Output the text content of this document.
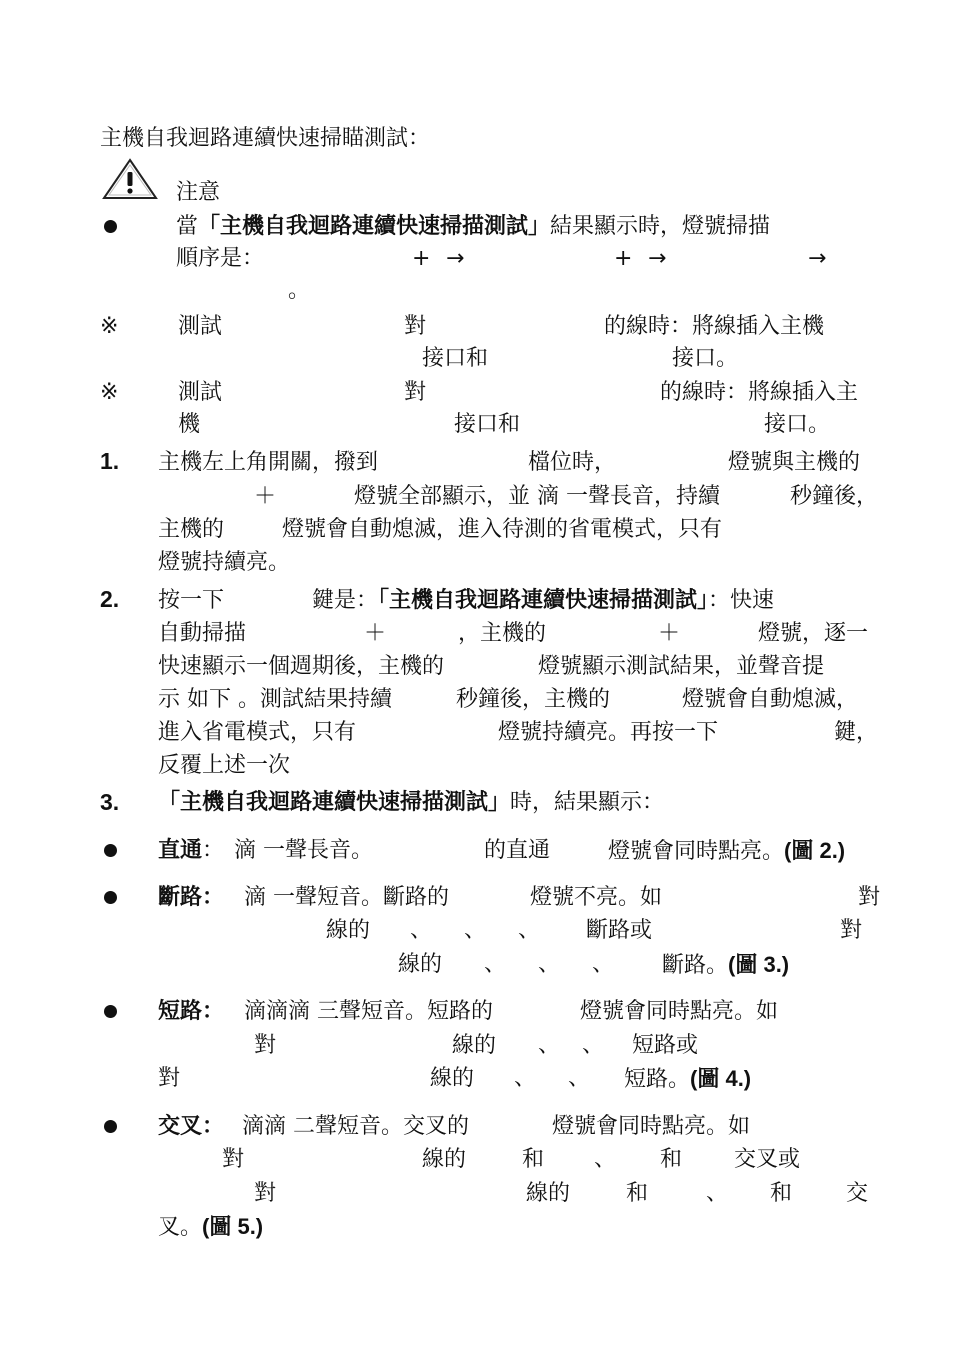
主機自我迴路連續快速掃瞄測試：
注意
當「主機自我迴路連續快速掃描測試」結果顯示時，燈號掃描
順序是：	+ →	+ →	→
。
※	測試	對	的線時：將線插入主機
接口和	接口。
※	測試	對	的線時：將線插入主
機	接口和	接口。
1. 主機左上角開關，撥到	檔位時，	燈號與主機的
＋	燈號全部顯示，並 滴 一聲長音，持續	秒鐘後，
主機的	燈號會自動熄滅，進入待測的省電模式，只有
燈號持續亮。
2. 按一下	鍵是：「主機自我迴路連續快速掃描測試」：快速
自動掃描	＋	，主機的	＋	燈號，逐一
快速顯示一個週期後，主機的	燈號顯示測試結果，並聲音提
示 如下 。測試結果持續	秒鐘後，主機的	燈號會自動熄滅，
進入省電模式，只有	燈號持續亮。再按一下	鍵，
反覆上述一次
3. 「主機自我迴路連續快速掃描測試」時，結果顯示：
直通： 滴 一聲長音。	的直通	燈號會同時點亮。(圖 2.)
斷路： 滴 一聲短音。斷路的	燈號不亮。如	對
線的 、 、 、 斷路或	對
線的 、 、 、 斷路。(圖 3.)
短路： 滴滴滴 三聲短音。短路的	燈號會同時點亮。如
對	線的 、 、 短路或
對	線的 、 、 短路。(圖 4.)
交叉： 滴滴 二聲短音。交叉的	燈號會同時點亮。如
對	線的	和 、 和 交叉或
對	線的	和	、 和 交
叉。(圖 5.)
